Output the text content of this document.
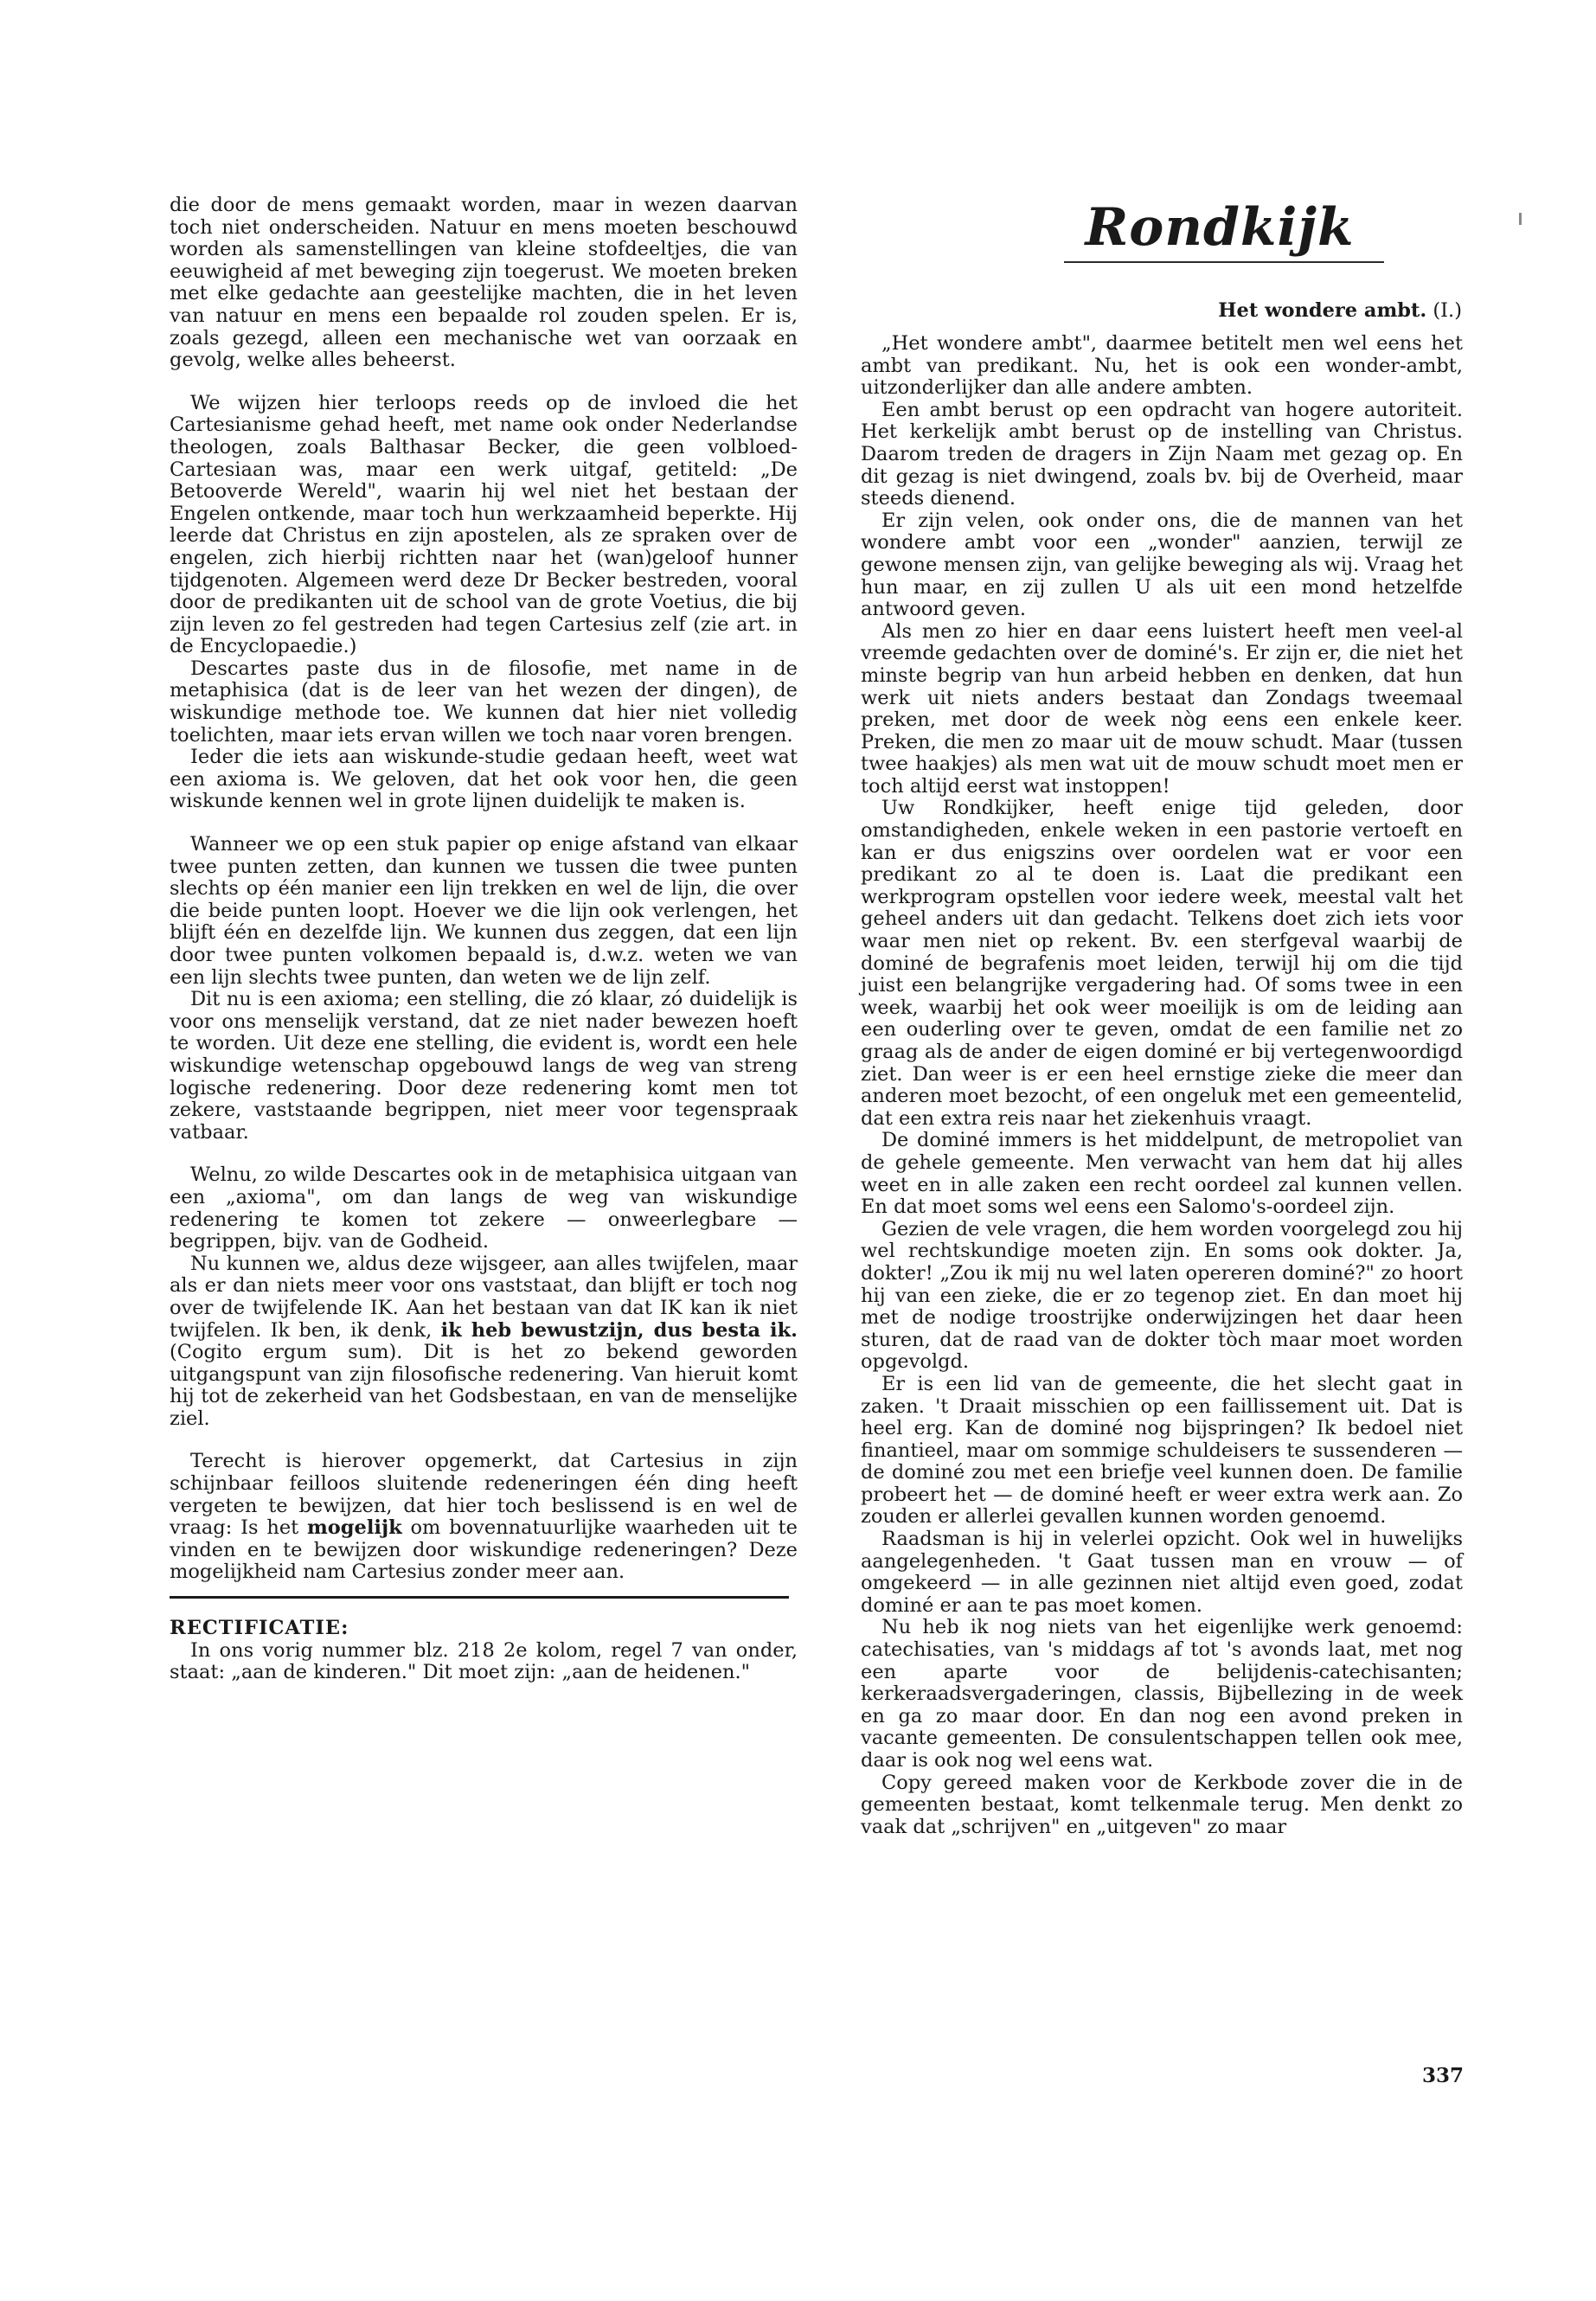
die door de mens gemaakt worden, maar in wezen daarvan toch niet onderscheiden. Natuur en mens moeten beschouwd worden als samenstellingen van kleine stofdeeltjes, die van eeuwigheid af met beweging zijn toegerust. We moeten breken met elke gedachte aan geestelijke machten, die in het leven van natuur en mens een bepaalde rol zouden spelen. Er is, zoals gezegd, alleen een mechanische wet van oorzaak en gevolg, welke alles beheerst.

We wijzen hier terloops reeds op de invloed die het Cartesianisme gehad heeft, met name ook onder Nederlandse theologen, zoals Balthasar Becker, die geen volbloed-Cartesiaan was, maar een werk uitgaf, getiteld: „De Betooverde Wereld", waarin hij wel niet het bestaan der Engelen ontkende, maar toch hun werkzaamheid beperkte. Hij leerde dat Christus en zijn apostelen, als ze spraken over de engelen, zich hierbij richtten naar het (wan)geloof hunner tijdgenoten. Algemeen werd deze Dr Becker bestreden, vooral door de predikanten uit de school van de grote Voetius, die bij zijn leven zo fel gestreden had tegen Cartesius zelf (zie art. in de Encyclopaedie.)

Descartes paste dus in de filosofie, met name in de metaphisica (dat is de leer van het wezen der dingen), de wiskundige methode toe. We kunnen dat hier niet volledig toelichten, maar iets ervan willen we toch naar voren brengen.

Ieder die iets aan wiskunde-studie gedaan heeft, weet wat een axioma is. We geloven, dat het ook voor hen, die geen wiskunde kennen wel in grote lijnen duidelijk te maken is.

Wanneer we op een stuk papier op enige afstand van elkaar twee punten zetten, dan kunnen we tussen die twee punten slechts op één manier een lijn trekken en wel de lijn, die over die beide punten loopt. Hoever we die lijn ook verlengen, het blijft één en dezelfde lijn. We kunnen dus zeggen, dat een lijn door twee punten volkomen bepaald is, d.w.z. weten we van een lijn slechts twee punten, dan weten we de lijn zelf.

Dit nu is een axioma; een stelling, die zó klaar, zó duidelijk is voor ons menselijk verstand, dat ze niet nader bewezen hoeft te worden. Uit deze ene stelling, die evident is, wordt een hele wiskundige wetenschap opgebouwd langs de weg van streng logische redenering. Door deze redenering komt men tot zekere, vaststaande begrippen, niet meer voor tegenspraak vatbaar.

Welnu, zo wilde Descartes ook in de metaphisica uitgaan van een „axioma", om dan langs de weg van wiskundige redenering te komen tot zekere — onweerlegbare — begrippen, bijv. van de Godheid.

Nu kunnen we, aldus deze wijsgeer, aan alles twijfelen, maar als er dan niets meer voor ons vaststaat, dan blijft er toch nog over de twijfelende IK. Aan het bestaan van dat IK kan ik niet twijfelen. Ik ben, ik denk, ik heb bewustzijn, dus besta ik. (Cogito ergum sum). Dit is het zo bekend geworden uitgangspunt van zijn filosofische redenering. Van hieruit komt hij tot de zekerheid van het Godsbestaan, en van de menselijke ziel.

Terecht is hierover opgemerkt, dat Cartesius in zijn schijnbaar feilloos sluitende redeneringen één ding heeft vergeten te bewijzen, dat hier toch beslissend is en wel de vraag: Is het mogelijk om bovennatuurlijke waarheden uit te vinden en te bewijzen door wiskundige redeneringen? Deze mogelijkheid nam Cartesius zonder meer aan.

RECTIFICATIE:

In ons vorig nummer blz. 218 2e kolom, regel 7 van onder, staat: „aan de kinderen." Dit moet zijn: „aan de heidenen."

Rondkijk
Het wondere ambt. (I.)

„Het wondere ambt", daarmee betitelt men wel eens het ambt van predikant. Nu, het is ook een wonder-ambt, uitzonderlijker dan alle andere ambten.

Een ambt berust op een opdracht van hogere autoriteit. Het kerkelijk ambt berust op de instelling van Christus. Daarom treden de dragers in Zijn Naam met gezag op. En dit gezag is niet dwingend, zoals bv. bij de Overheid, maar steeds dienend.

Er zijn velen, ook onder ons, die de mannen van het wondere ambt voor een „wonder" aanzien, terwijl ze gewone mensen zijn, van gelijke beweging als wij. Vraag het hun maar, en zij zullen U als uit een mond hetzelfde antwoord geven.

Als men zo hier en daar eens luistert heeft men veel-al vreemde gedachten over de dominé's. Er zijn er, die niet het minste begrip van hun arbeid hebben en denken, dat hun werk uit niets anders bestaat dan Zondags tweemaal preken, met door de week nòg eens een enkele keer. Preken, die men zo maar uit de mouw schudt. Maar (tussen twee haakjes) als men wat uit de mouw schudt moet men er toch altijd eerst wat instoppen!

Uw Rondkijker, heeft enige tijd geleden, door omstandigheden, enkele weken in een pastorie vertoeft en kan er dus enigszins over oordelen wat er voor een predikant zo al te doen is. Laat die predikant een werkprogram opstellen voor iedere week, meestal valt het geheel anders uit dan gedacht. Telkens doet zich iets voor waar men niet op rekent. Bv. een sterfgeval waarbij de dominé de begrafenis moet leiden, terwijl hij om die tijd juist een belangrijke vergadering had. Of soms twee in een week, waarbij het ook weer moeilijk is om de leiding aan een ouderling over te geven, omdat de een familie net zo graag als de ander de eigen dominé er bij vertegenwoordigd ziet. Dan weer is er een heel ernstige zieke die meer dan anderen moet bezocht, of een ongeluk met een gemeentelid, dat een extra reis naar het ziekenhuis vraagt.

De dominé immers is het middelpunt, de metropoliet van de gehele gemeente. Men verwacht van hem dat hij alles weet en in alle zaken een recht oordeel zal kunnen vellen. En dat moet soms wel eens een Salomo's-oordeel zijn.

Gezien de vele vragen, die hem worden voorgelegd zou hij wel rechtskundige moeten zijn. En soms ook dokter. Ja, dokter! „Zou ik mij nu wel laten opereren dominé?" zo hoort hij van een zieke, die er zo tegenop ziet. En dan moet hij met de nodige troostrijke onderwijzingen het daar heen sturen, dat de raad van de dokter tòch maar moet worden opgevolgd.

Er is een lid van de gemeente, die het slecht gaat in zaken. 't Draait misschien op een faillissement uit. Dat is heel erg. Kan de dominé nog bijspringen? Ik bedoel niet finantieel, maar om sommige schuldeisers te sussenderen — de dominé zou met een briefje veel kunnen doen. De familie probeert het — de dominé heeft er weer extra werk aan. Zo zouden er allerlei gevallen kunnen worden genoemd.

Raadsman is hij in velerlei opzicht. Ook wel in huwelijks aangelegenheden. 't Gaat tussen man en vrouw — of omgekeerd — in alle gezinnen niet altijd even goed, zodat dominé er aan te pas moet komen.

Nu heb ik nog niets van het eigenlijke werk genoemd: catechisaties, van 's middags af tot 's avonds laat, met nog een aparte voor de belijdenis-catechisanten; kerkeraadsvergaderingen, classis, Bijbellezing in de week en ga zo maar door. En dan nog een avond preken in vacante gemeenten. De consulentschappen tellen ook mee, daar is ook nog wel eens wat.

Copy gereed maken voor de Kerkbode zover die in de gemeenten bestaat, komt telkenmale terug. Men denkt zo vaak dat „schrijven" en „uitgeven" zo maar

337
